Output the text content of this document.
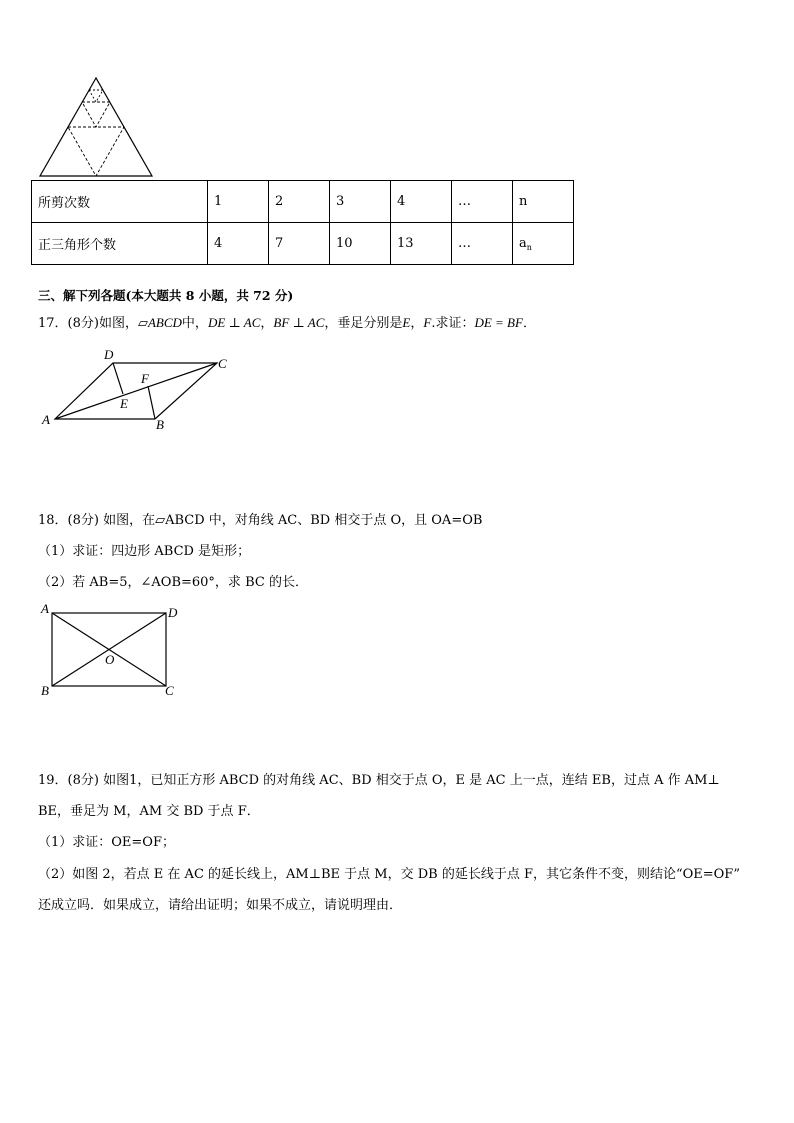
所剪次数	1	2	3	4	…	n
正三角形个数	4	7	10	13	…	$a_n$
三、解下列各题(本大题共 8 小题，共 72 分)
17．(8分)如图，▱ABCD中，DE ⊥ AC，BF ⊥ AC，垂足分别是E，F.求证：DE = BF．
D
C
A	B
F
E
18．(8分) 如图，在▱ABCD 中，对角线 AC、BD 相交于点 O，且 OA=OB
（1）求证：四边形 ABCD 是矩形；
（2）若 AB=5，∠AOB=60°，求 BC 的长．
A	D
O
B	C
19．(8分) 如图1，已知正方形 ABCD 的对角线 AC、BD 相交于点 O，E 是 AC 上一点，连结 EB，过点 A 作 AM⊥
BE，垂足为 M，AM 交 BD 于点 F．
（1）求证：OE=OF；
（2）如图 2，若点 E 在 AC 的延长线上，AM⊥BE 于点 M，交 DB 的延长线于点 F，其它条件不变，则结论“OE=OF”
还成立吗．如果成立，请给出证明；如果不成立，请说明理由．
